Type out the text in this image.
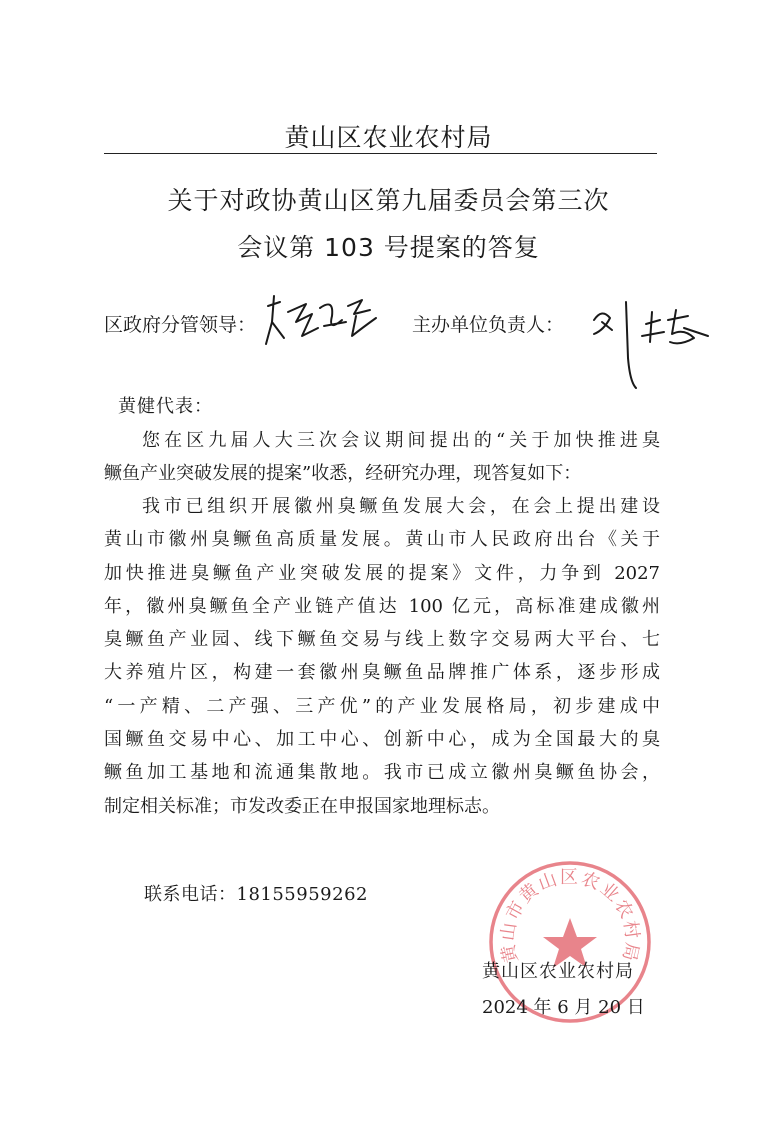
黄山区农业农村局
关于对政协黄山区第九届委员会第三次
会议第 103 号提案的答复
区政府分管领导：	主办单位负责人：
黄健代表：
您在区九届人大三次会议期间提出的“关于加快推进臭
鳜鱼产业突破发展的提案”收悉，经研究办理，现答复如下：
我市已组织开展徽州臭鳜鱼发展大会，在会上提出建设
黄山市徽州臭鳜鱼高质量发展。黄山市人民政府出台《关于
加快推进臭鳜鱼产业突破发展的提案》文件，力争到 2027
年，徽州臭鳜鱼全产业链产值达 100 亿元，高标准建成徽州
臭鳜鱼产业园、线下鳜鱼交易与线上数字交易两大平台、七
大养殖片区，构建一套徽州臭鳜鱼品牌推广体系，逐步形成
“一产精、二产强、三产优”的产业发展格局，初步建成中
国鳜鱼交易中心、加工中心、创新中心，成为全国最大的臭
鳜鱼加工基地和流通集散地。我市已成立徽州臭鳜鱼协会，
制定相关标准；市发改委正在申报国家地理标志。
联系电话：18155959262
黄山市黄山区农业农村局
黄山区农业农村局
2024 年 6 月 20 日
